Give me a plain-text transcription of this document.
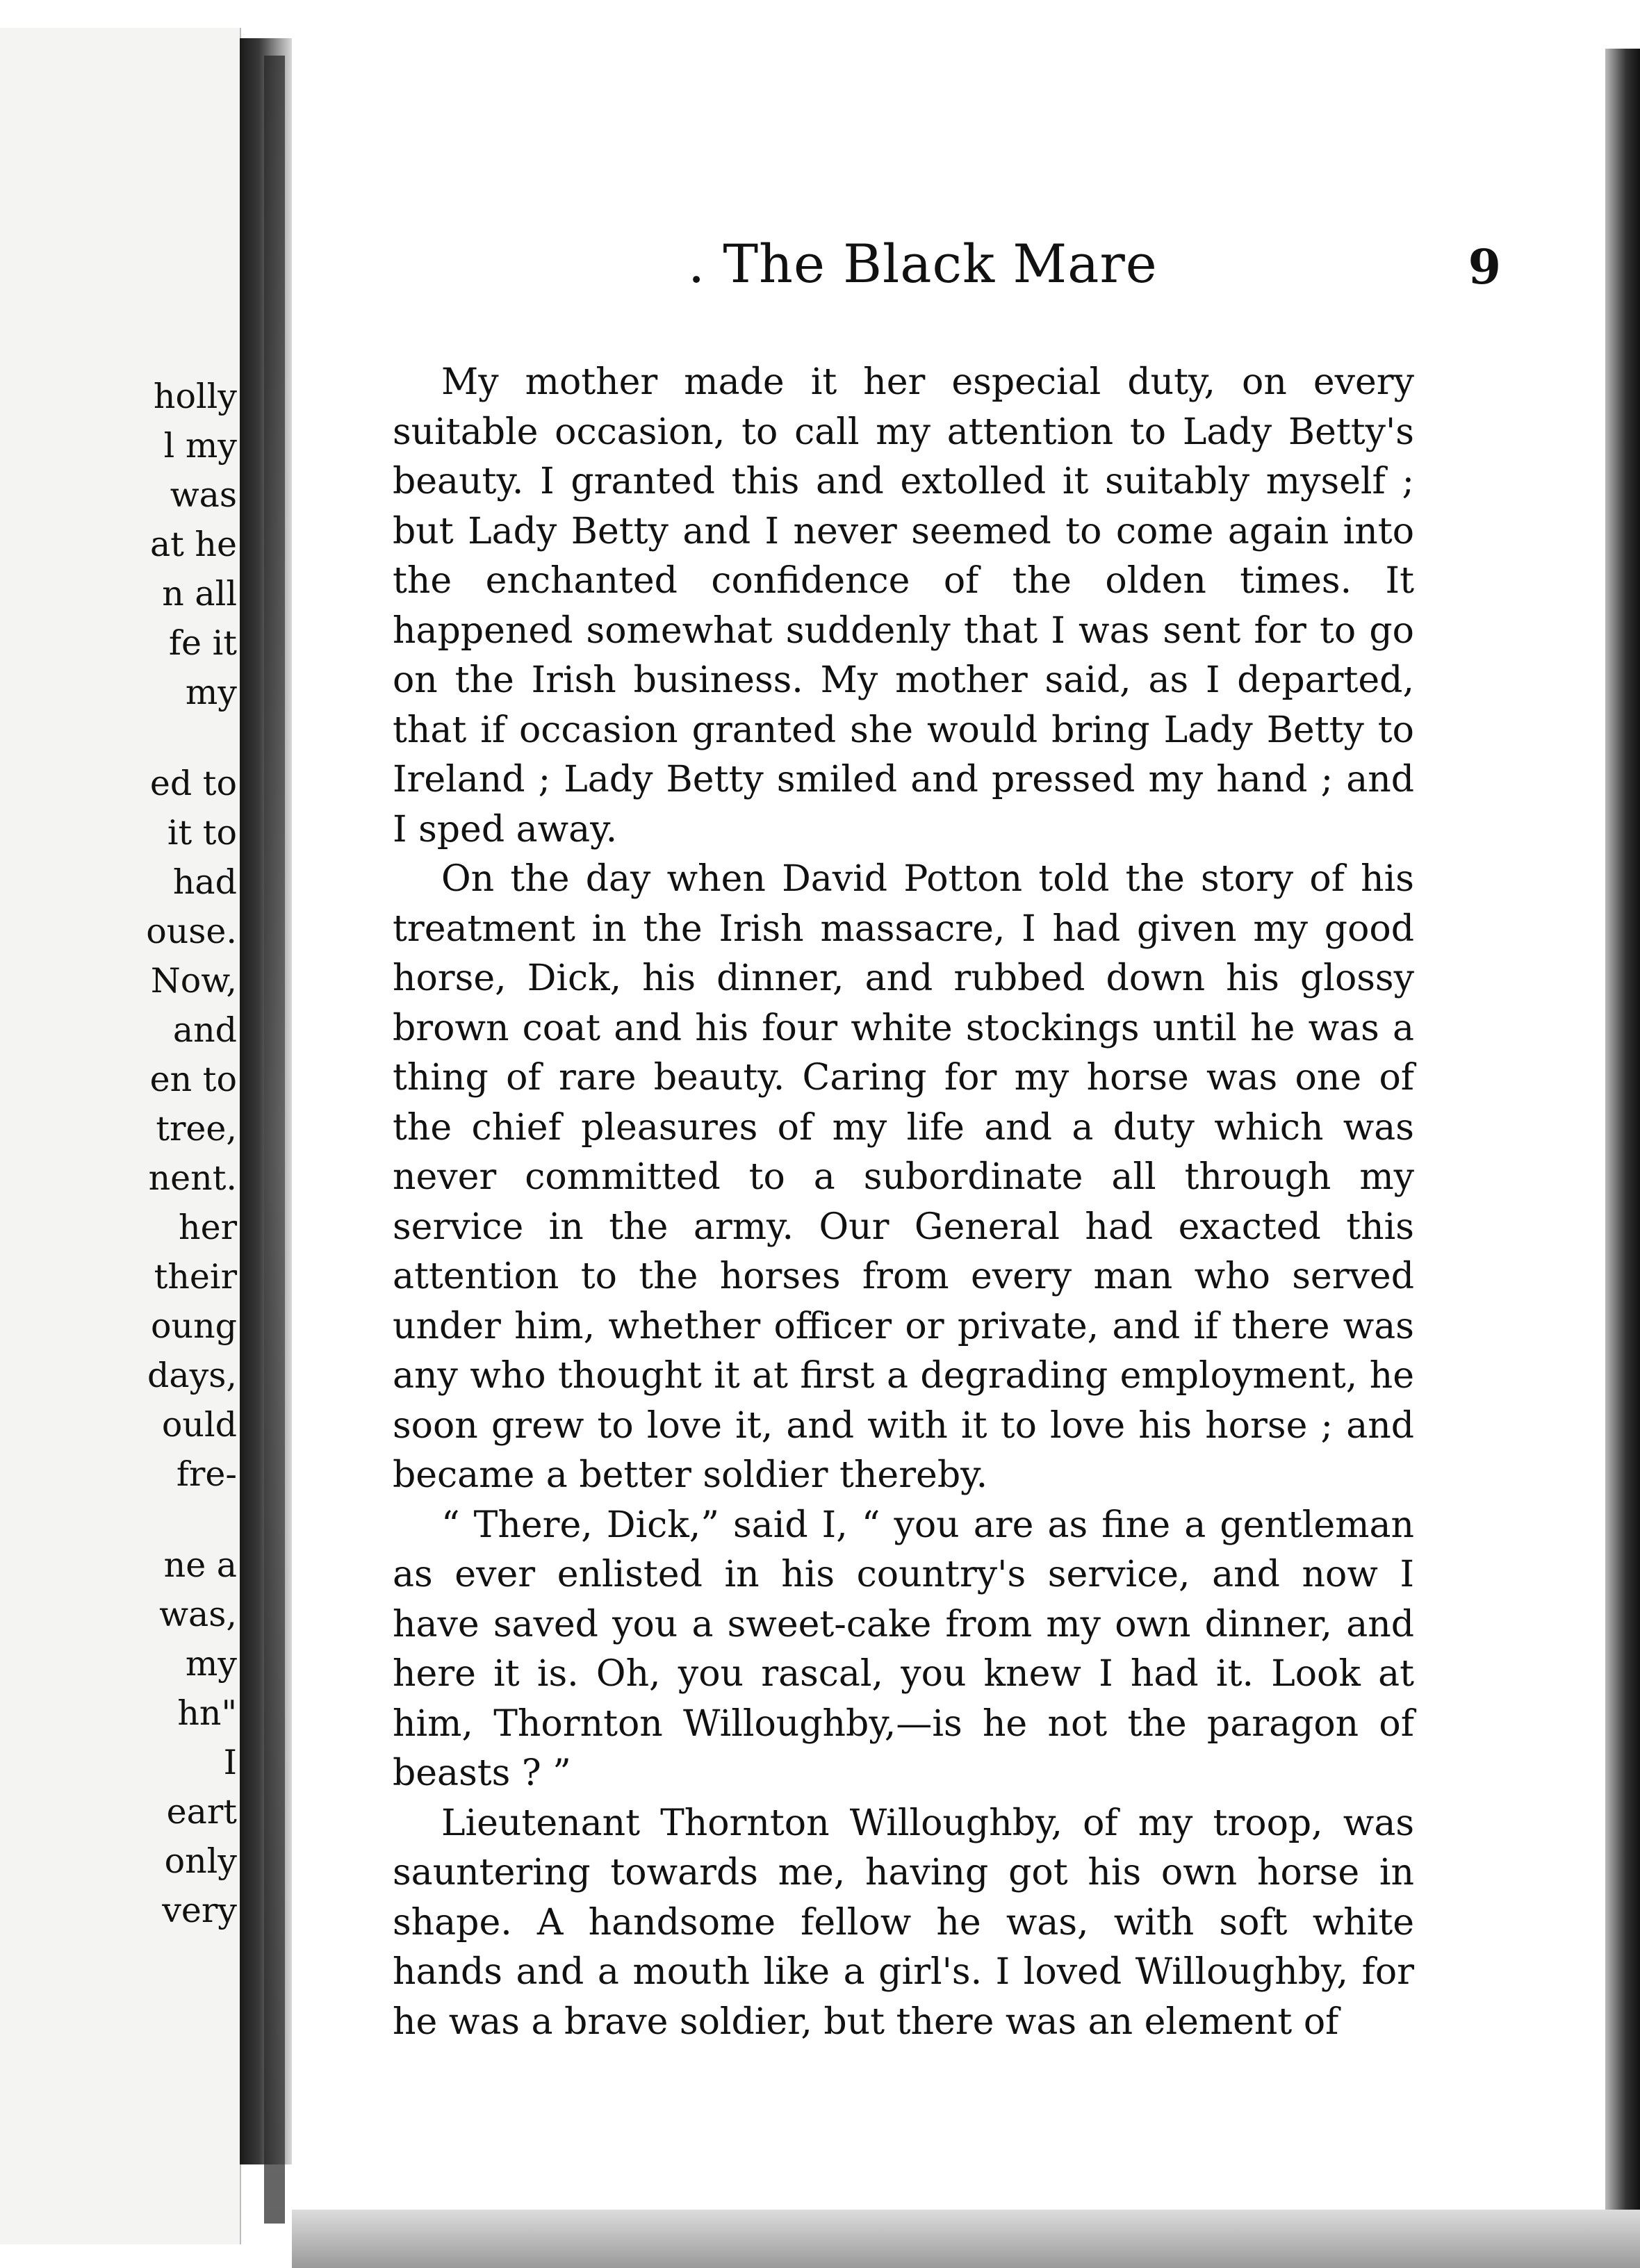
holly
l my
was
at he
n all
fe it
my
ed to
it to
had
ouse.
Now,
and
en to
tree,
nent.
her
their
oung
days,
ould
fre-
ne a
was,
my
hn"
I
eart
only
very
. The Black Mare	9

My mother made it her especial duty, on every suitable occasion, to call my attention to Lady Betty's beauty. I granted this and extolled it suitably myself ; but Lady Betty and I never seemed to come again into the enchanted confidence of the olden times. It happened somewhat suddenly that I was sent for to go on the Irish business. My mother said, as I departed, that if occasion granted she would bring Lady Betty to Ireland ; Lady Betty smiled and pressed my hand ; and I sped away.

On the day when David Potton told the story of his treatment in the Irish massacre, I had given my good horse, Dick, his dinner, and rubbed down his glossy brown coat and his four white stockings until he was a thing of rare beauty. Caring for my horse was one of the chief pleasures of my life and a duty which was never committed to a subordinate all through my service in the army. Our General had exacted this attention to the horses from every man who served under him, whether officer or private, and if there was any who thought it at first a degrading employment, he soon grew to love it, and with it to love his horse ; and became a better soldier thereby.

“ There, Dick,” said I, “ you are as fine a gentleman as ever enlisted in his country's service, and now I have saved you a sweet-cake from my own dinner, and here it is. Oh, you rascal, you knew I had it. Look at him, Thornton Willoughby,—is he not the paragon of beasts ? ”

Lieutenant Thornton Willoughby, of my troop, was sauntering towards me, having got his own horse in shape. A handsome fellow he was, with soft white hands and a mouth like a girl's. I loved Willoughby, for he was a brave soldier, but there was an element of
